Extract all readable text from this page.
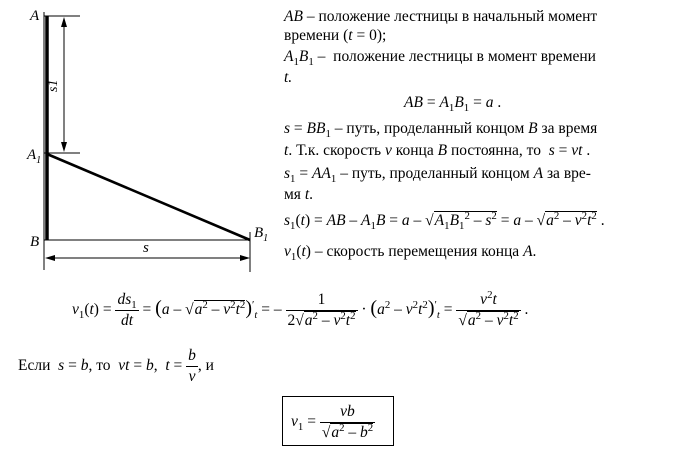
A
$A_1$
B
$B_1$
s
s1
AB – положение лестницы в начальный момент
времени (t = 0);
$A_1B_1$ –  положение лестницы в момент времени
t.
AB = $A_1B_1 = a$ .
$s = BB_1$ – путь, проделанный концом B за время
t. Т.к. скорость v конца B постоянна, то  s = vt .
$s_1 = AA_1$ – путь, проделанный концом A за вре-
мя t.
$s_1(t)$ = AB – $A_1B = a - √A_1B_1^2 - s^2 = a - √a^2 - v^2t^2$ .
$v_1(t)$ – скорость перемещения конца A.
$v_1(t) = \frac{ds_1}{dt} = (a - √a^2 - v^2t^2)'_t$ = – $\frac{1}{2√a^2 - v^2t^2} \cdot (a^2 - v^2t^2)'_t = \frac{v^2t}{√a^2 - v^2t^2}$ .
Если  s = b, то  vt = b,  $t = \frac{b}{v}$ , и
$v_1 = \frac{vb}{√a^2 - b^2}$
